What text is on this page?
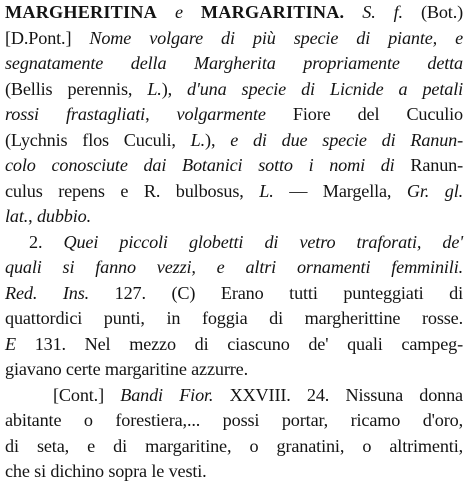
MARGHERITINA e MARGARITINA. S. f. (Bot.)
[D.Pont.] Nome volgare di più specie di piante, e
segnatamente della Margherita propriamente detta
(Bellis perennis, L.), d'una specie di Licnide a petali
rossi frastagliati, volgarmente Fiore del Cuculio
(Lychnis flos Cuculi, L.), e di due specie di Ranun-
colo conosciute dai Botanici sotto i nomi di Ranun-
culus repens e R. bulbosus, L. — Margella, Gr. gl.
lat., dubbio.
2. Quei piccoli globetti di vetro traforati, de'
quali si fanno vezzi, e altri ornamenti femminili.
Red. Ins. 127. (C) Erano tutti punteggiati di
quattordici punti, in foggia di margherittine rosse.
E 131. Nel mezzo di ciascuno de' quali campeg-
giavano certe margaritine azzurre.
[Cont.] Bandi Fior. XXVIII. 24. Nissuna donna
abitante o forestiera,... possi portar, ricamo d'oro,
di seta, e di margaritine, o granatini, o altrimenti,
che si dichino sopra le vesti.
